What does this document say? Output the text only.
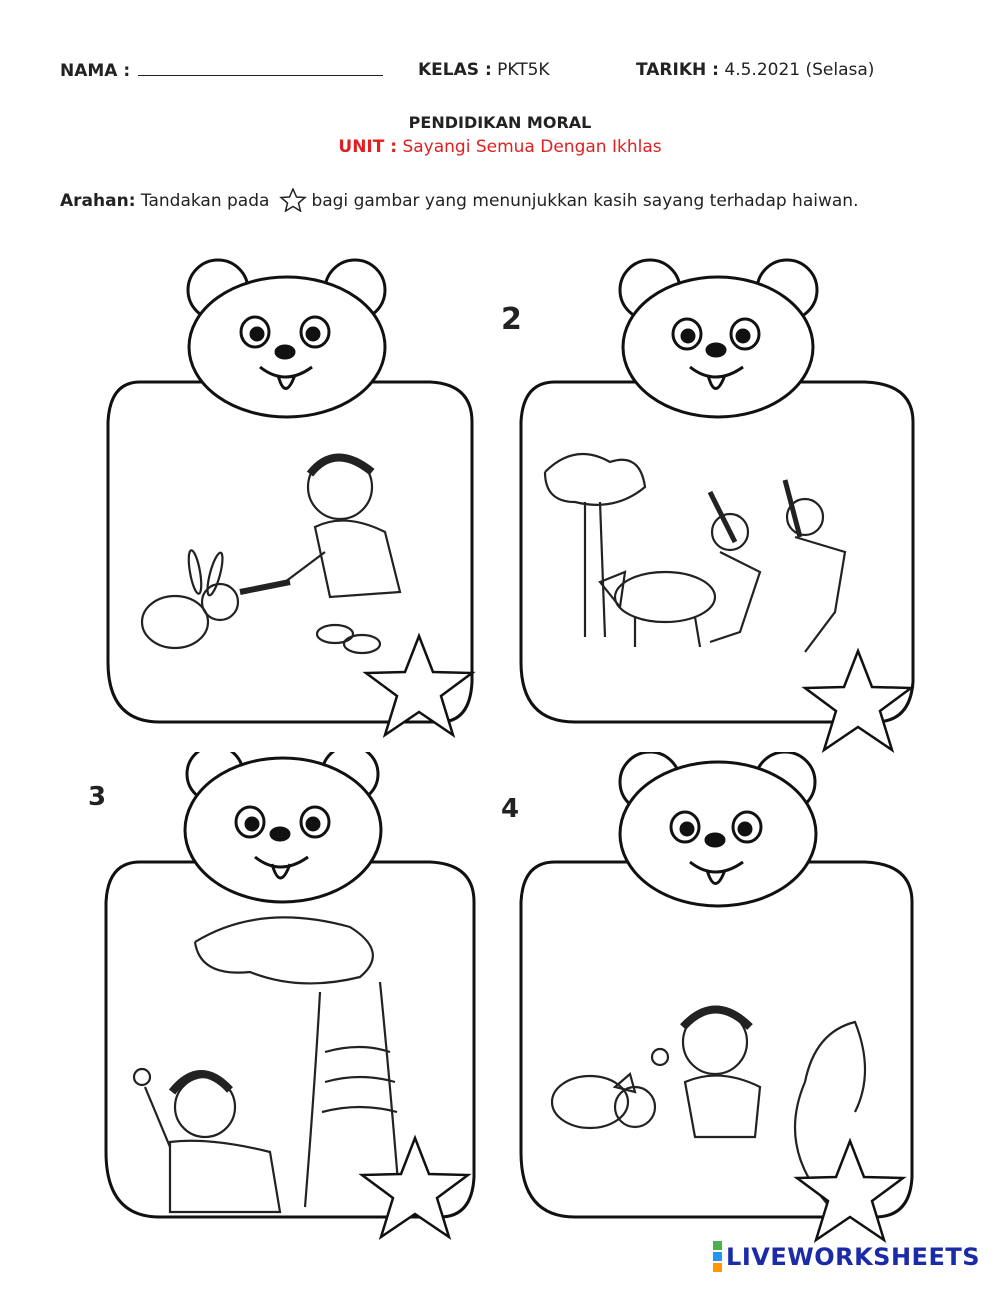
NAMA :	KELAS : PKT5K	TARIKH : 4.5.2021 (Selasa)
PENDIDIKAN MORAL
UNIT : Sayangi Semua Dengan Ikhlas
Arahan: Tandakan pada bagi gambar yang menunjukkan kasih sayang terhadap haiwan.
2
3	4
LIVEWORKSHEETS
